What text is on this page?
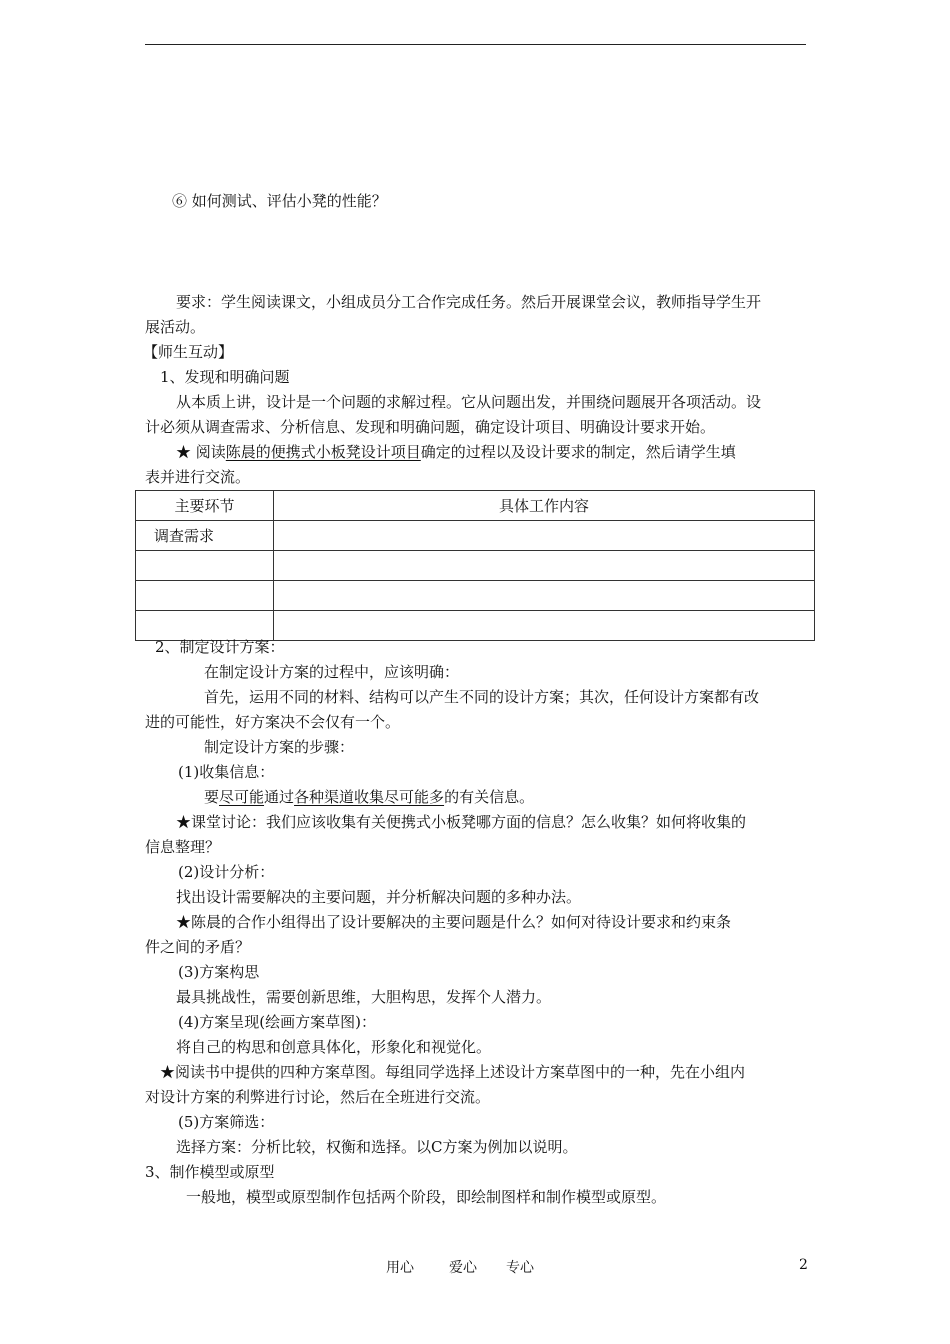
⑥ 如何测试、评估小凳的性能？
要求：学生阅读课文，小组成员分工合作完成任务。然后开展课堂会议，教师指导学生开
展活动。
【师生互动】
1、发现和明确问题
从本质上讲，设计是一个问题的求解过程。它从问题出发，并围绕问题展开各项活动。设
计必须从调查需求、分析信息、发现和明确问题，确定设计项目、明确设计要求开始。
★ 阅读陈晨的便携式小板凳设计项目确定的过程以及设计要求的制定，然后请学生填
表并进行交流。
主要环节	具体工作内容
调查需求	

2、制定设计方案：
在制定设计方案的过程中，应该明确：
首先，运用不同的材料、结构可以产生不同的设计方案；其次，任何设计方案都有改
进的可能性，好方案决不会仅有一个。
制定设计方案的步骤：
(1)收集信息：
要尽可能通过各种渠道收集尽可能多的有关信息。
★课堂讨论：我们应该收集有关便携式小板凳哪方面的信息？怎么收集？如何将收集的
信息整理？
(2)设计分析：
找出设计需要解决的主要问题，并分析解决问题的多种办法。
★陈晨的合作小组得出了设计要解决的主要问题是什么？如何对待设计要求和约束条
件之间的矛盾？
(3)方案构思
最具挑战性，需要创新思维，大胆构思，发挥个人潜力。
(4)方案呈现(绘画方案草图)：
将自己的构思和创意具体化，形象化和视觉化。
★阅读书中提供的四种方案草图。每组同学选择上述设计方案草图中的一种，先在小组内
对设计方案的利弊进行讨论，然后在全班进行交流。
(5)方案筛选：
选择方案：分析比较，权衡和选择。以C方案为例加以说明。
3、制作模型或原型
一般地，模型或原型制作包括两个阶段，即绘制图样和制作模型或原型。
用心	爱心 专心	2
